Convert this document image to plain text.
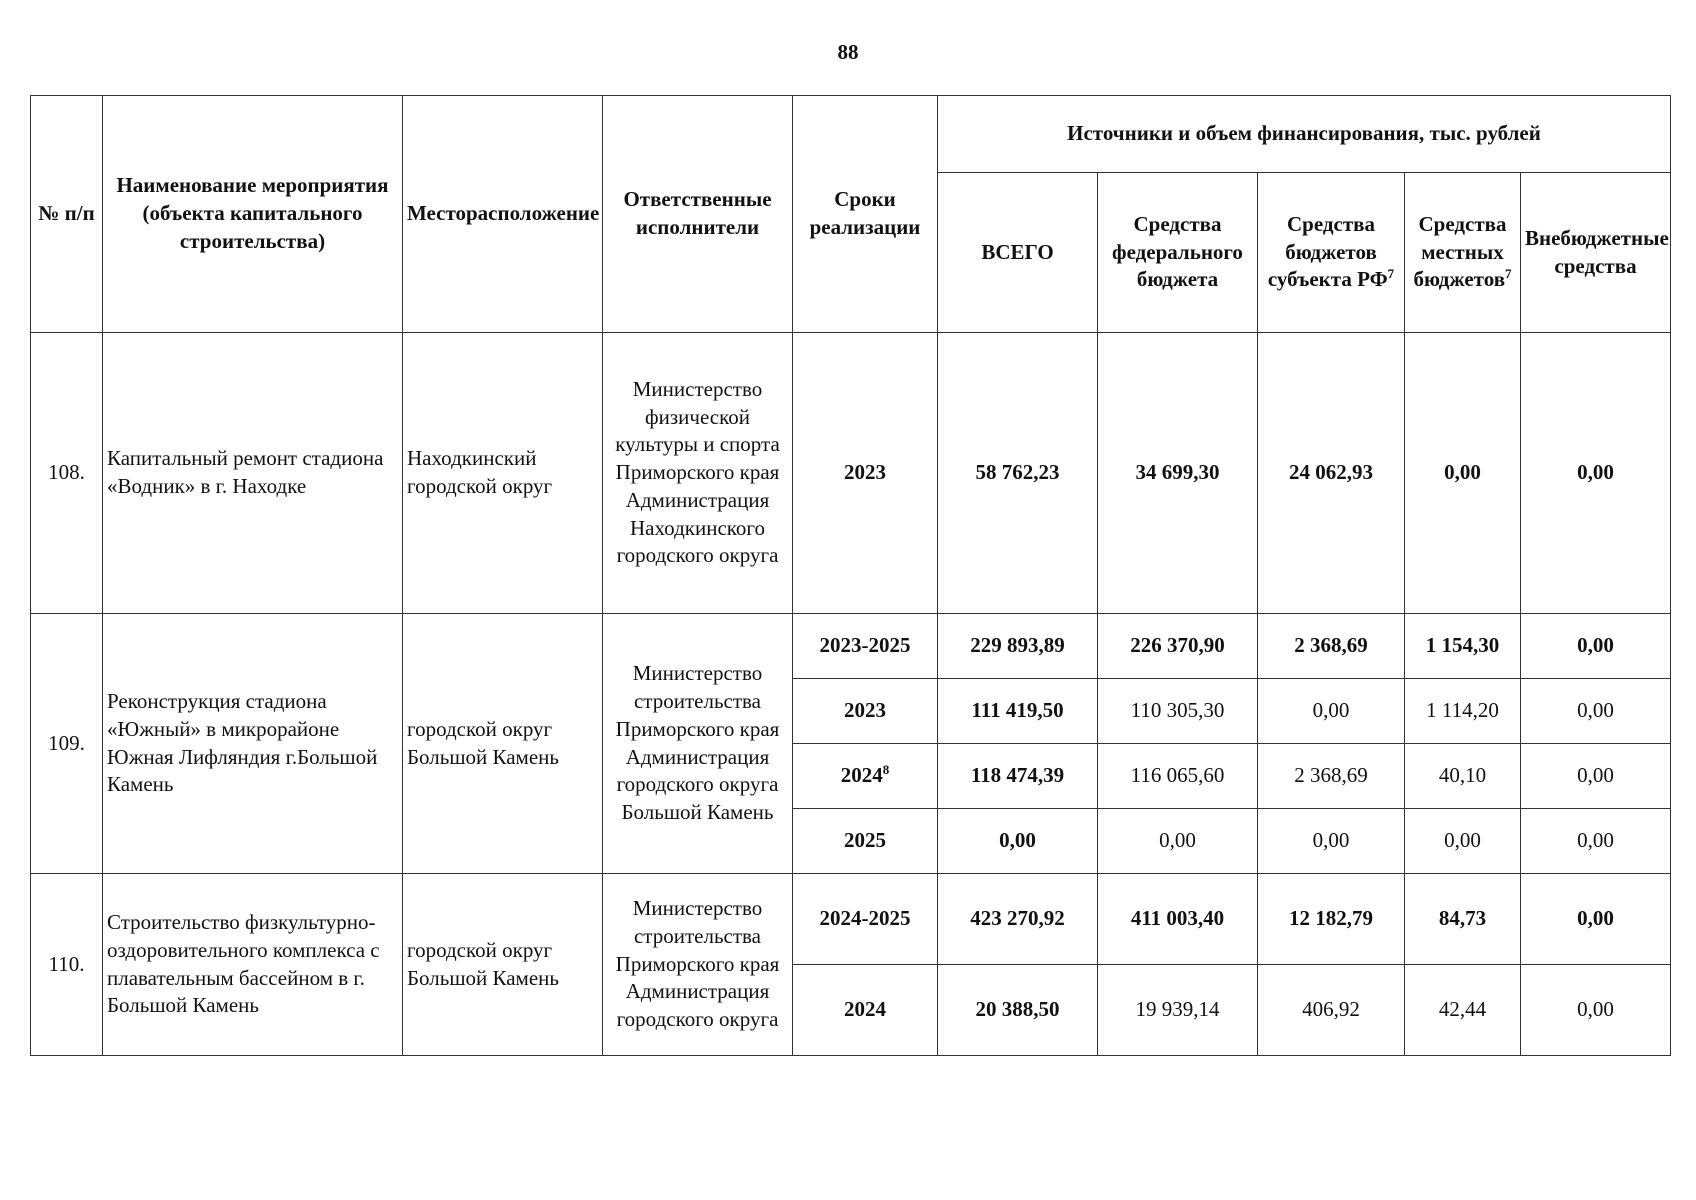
88
№ п/п	Наименование мероприятия (объекта капитального строительства)	Месторасположение	Ответственные исполнители	Сроки реализации	Источники и объем финансирования, тыс. рублей				
					ВСЕГО	Средства федерального бюджета	Средства бюджетов субъекта $РФ^7$	Средства местных бюджетов$^7$	Внебюджетные средства
108.	Капитальный ремонт стадиона «Водник» в г. Находке	Находкинский городской округ	Министерство физической культуры и спорта Приморского края Администрация Находкинского городского округа	2023	58 762,23	34 699,30	24 062,93	0,00	0,00
109.	Реконструкция стадиона «Южный» в микрорайоне Южная Лифляндия г.Большой Камень	городской округ Большой Камень	Министерство строительства Приморского края Администрация городского округа Большой Камень	2023-2025	229 893,89	226 370,90	2 368,69	1 154,30	0,00
				2023	111 419,50	110 305,30	0,00	1 114,20	0,00
				2024$^8$	118 474,39	116 065,60	2 368,69	40,10	0,00
				2025	0,00	0,00	0,00	0,00	0,00
110.	Строительство физкультурно-оздоровительного комплекса с плавательным бассейном в г. Большой Камень	городской округ Большой Камень	Министерство строительства Приморского края Администрация городского округа	2024-2025	423 270,92	411 003,40	12 182,79	84,73	0,00
				2024	20 388,50	19 939,14	406,92	42,44	0,00
